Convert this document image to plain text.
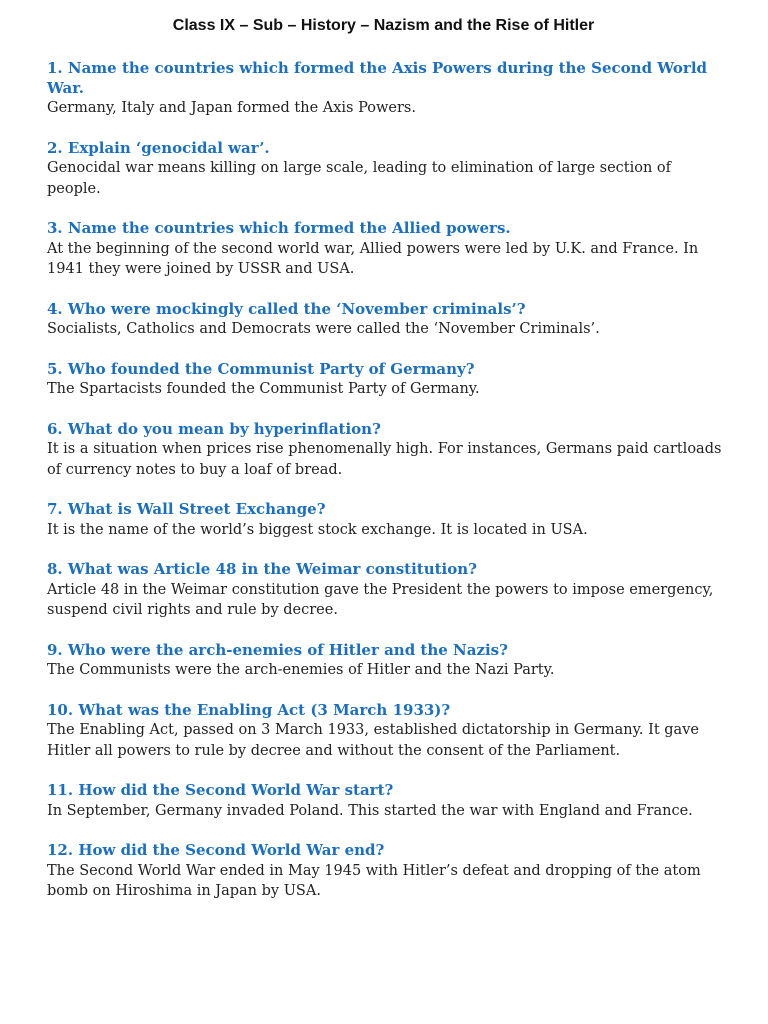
Class IX – Sub – History – Nazism and the Rise of Hitler

1. Name the countries which formed the Axis Powers during the Second World War.

Germany, Italy and Japan formed the Axis Powers.

2. Explain ‘genocidal war’.

Genocidal war means killing on large scale, leading to elimination of large section of people.

3. Name the countries which formed the Allied powers.

At the beginning of the second world war, Allied powers were led by U.K. and France. In 1941 they were joined by USSR and USA.

4. Who were mockingly called the ‘November criminals’?

Socialists, Catholics and Democrats were called the ‘November Criminals’.

5. Who founded the Communist Party of Germany?

The Spartacists founded the Communist Party of Germany.

6. What do you mean by hyperinflation?

It is a situation when prices rise phenomenally high. For instances, Germans paid cartloads of currency notes to buy a loaf of bread.

7. What is Wall Street Exchange?

It is the name of the world’s biggest stock exchange. It is located in USA.

8. What was Article 48 in the Weimar constitution?

Article 48 in the Weimar constitution gave the President the powers to impose emergency, suspend civil rights and rule by decree.

9. Who were the arch-enemies of Hitler and the Nazis?

The Communists were the arch-enemies of Hitler and the Nazi Party.

10. What was the Enabling Act (3 March 1933)?

The Enabling Act, passed on 3 March 1933, established dictatorship in Germany. It gave Hitler all powers to rule by decree and without the consent of the Parliament.

11. How did the Second World War start?

In September, Germany invaded Poland. This started the war with England and France.

12. How did the Second World War end?

The Second World War ended in May 1945 with Hitler’s defeat and dropping of the atom bomb on Hiroshima in Japan by USA.
